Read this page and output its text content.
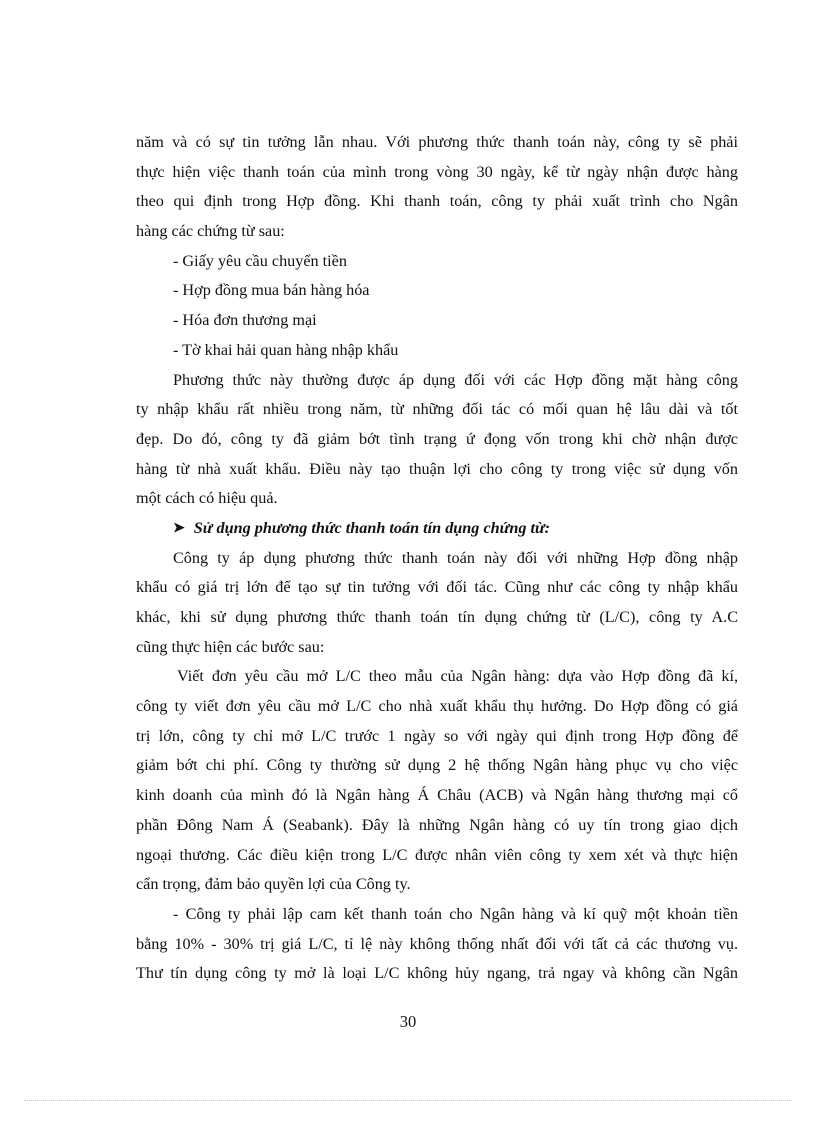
năm và có sự tin tưởng lẫn nhau. Với phương thức thanh toán này, công ty sẽ phải
thực hiện việc thanh toán của mình trong vòng 30 ngày, kể từ ngày nhận được hàng
theo qui định trong Hợp đồng. Khi thanh toán, công ty phải xuất trình cho Ngân
hàng các chứng từ sau:
- Giấy yêu cầu chuyển tiền
- Hợp đồng mua bán hàng hóa
- Hóa đơn thương mại
- Tờ khai hải quan hàng nhập khẩu
Phương thức này thường được áp dụng đối với các Hợp đồng mặt hàng công
ty nhập khẩu rất nhiều trong năm, từ những đối tác có mối quan hệ lâu dài và tốt
đẹp. Do đó, công ty đã giảm bớt tình trạng ứ đọng vốn trong khi chờ nhận được
hàng từ nhà xuất khẩu. Điều này tạo thuận lợi cho công ty trong việc sử dụng vốn
một cách có hiệu quả.
➤ Sử dụng phương thức thanh toán tín dụng chứng từ:
Công ty áp dụng phương thức thanh toán này đối với những Hợp đồng nhập
khẩu có giá trị lớn để tạo sự tin tưởng với đối tác. Cũng như các công ty nhập khẩu
khác, khi sử dụng phương thức thanh toán tín dụng chứng từ (L/C), công ty A.C
cũng thực hiện các bước sau:
Viết đơn yêu cầu mở L/C theo mẫu của Ngân hàng: dựa vào Hợp đồng đã kí,
công ty viết đơn yêu cầu mở L/C cho nhà xuất khẩu thụ hưởng. Do Hợp đồng có giá
trị lớn, công ty chỉ mở L/C trước 1 ngày so với ngày qui định trong Hợp đồng để
giảm bớt chi phí. Công ty thường sử dụng 2 hệ thống Ngân hàng phục vụ cho việc
kinh doanh của mình đó là Ngân hàng Á Châu (ACB) và Ngân hàng thương mại cổ
phần Đông Nam Á (Seabank). Đây là những Ngân hàng có uy tín trong giao dịch
ngoại thương. Các điều kiện trong L/C được nhân viên công ty xem xét và thực hiện
cẩn trọng, đảm bảo quyền lợi của Công ty.
- Công ty phải lập cam kết thanh toán cho Ngân hàng và kí quỹ một khoản tiền
bằng 10% - 30% trị giá L/C, tỉ lệ này không thống nhất đối với tất cả các thương vụ.
Thư tín dụng công ty mở là loại L/C không hủy ngang, trả ngay và không cần Ngân
30
